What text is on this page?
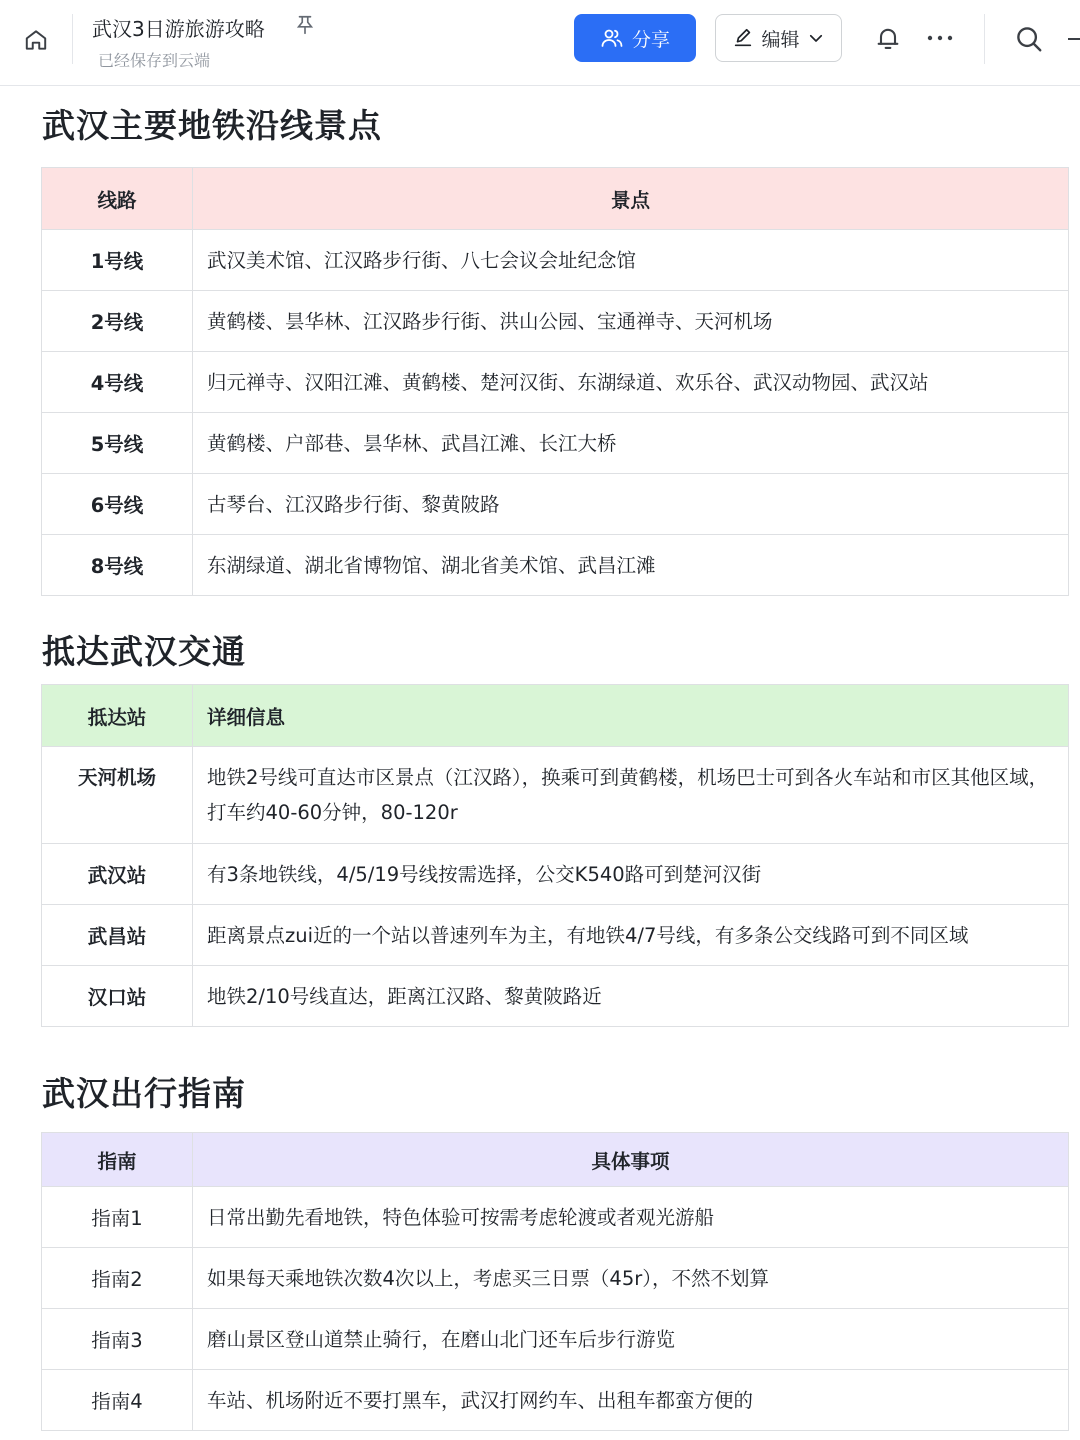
武汉3日游旅游攻略
已经保存到云端
分享	编辑
武汉主要地铁沿线景点
线路	景点
1号线	武汉美术馆、江汉路步行街、八七会议会址纪念馆
2号线	黄鹤楼、昙华林、江汉路步行街、洪山公园、宝通禅寺、天河机场
4号线	归元禅寺、汉阳江滩、黄鹤楼、楚河汉街、东湖绿道、欢乐谷、武汉动物园、武汉站
5号线	黄鹤楼、户部巷、昙华林、武昌江滩、长江大桥
6号线	古琴台、江汉路步行街、黎黄陂路
8号线	东湖绿道、湖北省博物馆、湖北省美术馆、武昌江滩
抵达武汉交通
抵达站	详细信息
天河机场	地铁2号线可直达市区景点（江汉路），换乘可到黄鹤楼，机场巴士可到各火车站和市区其他区域，打车约40-60分钟，80-120r
武汉站	有3条地铁线，4/5/19号线按需选择，公交K540路可到楚河汉街
武昌站	距离景点zui近的一个站以普速列车为主，有地铁4/7号线，有多条公交线路可到不同区域
汉口站	地铁2/10号线直达，距离江汉路、黎黄陂路近
武汉出行指南
指南	具体事项
指南1	日常出勤先看地铁，特色体验可按需考虑轮渡或者观光游船
指南2	如果每天乘地铁次数4次以上，考虑买三日票（45r），不然不划算
指南3	磨山景区登山道禁止骑行，在磨山北门还车后步行游览
指南4	车站、机场附近不要打黑车，武汉打网约车、出租车都蛮方便的
